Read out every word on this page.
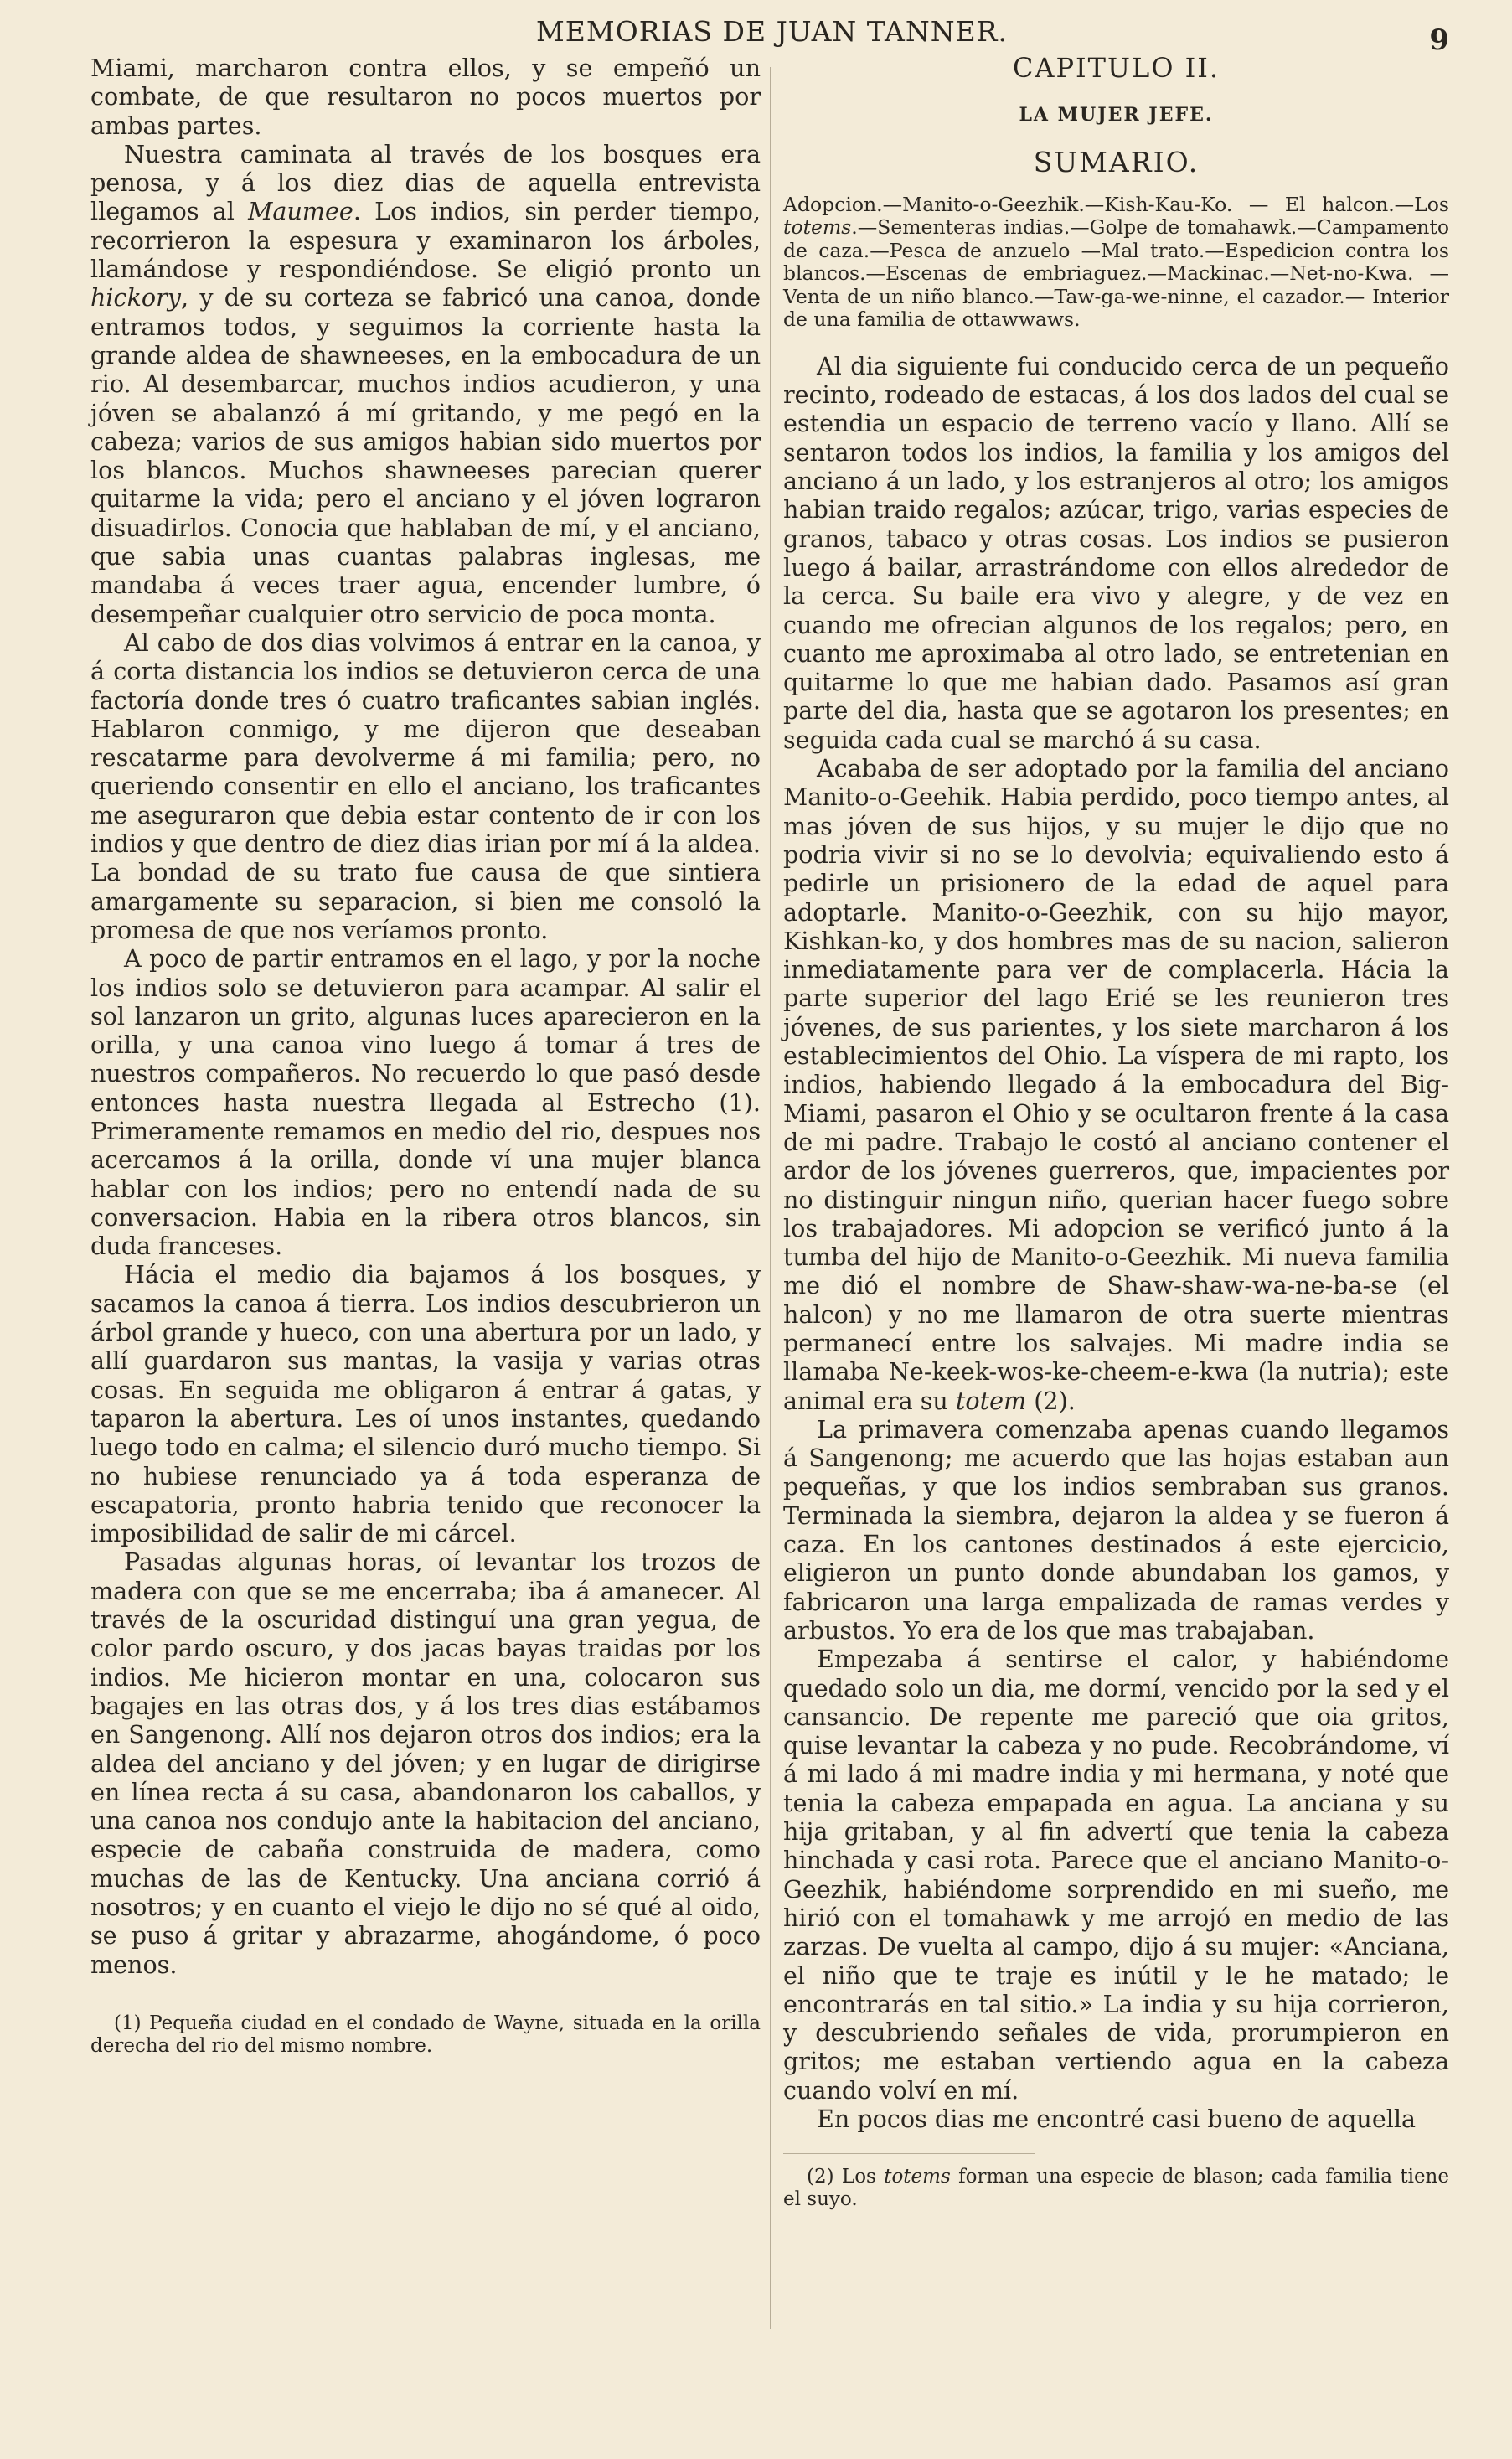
MEMORIAS DE JUAN TANNER.	9

Miami, marcharon contra ellos, y se empeñó un combate, de que resultaron no pocos muertos por ambas partes.

Nuestra caminata al través de los bosques era penosa, y á los diez dias de aquella entrevista llegamos al Maumee. Los indios, sin perder tiempo, recorrieron la espesura y examinaron los árboles, llamándose y respondiéndose. Se eligió pronto un hickory, y de su corteza se fabricó una canoa, donde entramos todos, y seguimos la corriente hasta la grande aldea de shawneeses, en la embocadura de un rio. Al desembarcar, muchos indios acudieron, y una jóven se abalanzó á mí gritando, y me pegó en la cabeza; varios de sus amigos habian sido muertos por los blancos. Muchos shawneeses parecian querer quitarme la vida; pero el anciano y el jóven lograron disuadirlos. Conocia que hablaban de mí, y el anciano, que sabia unas cuantas palabras inglesas, me mandaba á veces traer agua, encender lumbre, ó desempeñar cualquier otro servicio de poca monta.

Al cabo de dos dias volvimos á entrar en la canoa, y á corta distancia los indios se detuvieron cerca de una factoría donde tres ó cuatro traficantes sabian inglés. Hablaron conmigo, y me dijeron que deseaban rescatarme para devolverme á mi familia; pero, no queriendo consentir en ello el anciano, los traficantes me aseguraron que debia estar contento de ir con los indios y que dentro de diez dias irian por mí á la aldea. La bondad de su trato fue causa de que sintiera amargamente su separacion, si bien me consoló la promesa de que nos veríamos pronto.

A poco de partir entramos en el lago, y por la noche los indios solo se detuvieron para acampar. Al salir el sol lanzaron un grito, algunas luces aparecieron en la orilla, y una canoa vino luego á tomar á tres de nuestros compañeros. No recuerdo lo que pasó desde entonces hasta nuestra llegada al Estrecho (1). Primeramente remamos en medio del rio, despues nos acercamos á la orilla, donde ví una mujer blanca hablar con los indios; pero no entendí nada de su conversacion. Habia en la ribera otros blancos, sin duda franceses.

Hácia el medio dia bajamos á los bosques, y sacamos la canoa á tierra. Los indios descubrieron un árbol grande y hueco, con una abertura por un lado, y allí guardaron sus mantas, la vasija y varias otras cosas. En seguida me obligaron á entrar á gatas, y taparon la abertura. Les oí unos instantes, quedando luego todo en calma; el silencio duró mucho tiempo. Si no hubiese renunciado ya á toda esperanza de escapatoria, pronto habria tenido que reconocer la imposibilidad de salir de mi cárcel.

Pasadas algunas horas, oí levantar los trozos de madera con que se me encerraba; iba á amanecer. Al través de la oscuridad distinguí una gran yegua, de color pardo oscuro, y dos jacas bayas traidas por los indios. Me hicieron montar en una, colocaron sus bagajes en las otras dos, y á los tres dias estábamos en Sangenong. Allí nos dejaron otros dos indios; era la aldea del anciano y del jóven; y en lugar de dirigirse en línea recta á su casa, abandonaron los caballos, y una canoa nos condujo ante la habitacion del anciano, especie de cabaña construida de madera, como muchas de las de Kentucky. Una anciana corrió á nosotros; y en cuanto el viejo le dijo no sé qué al oido, se puso á gritar y abrazarme, ahogándome, ó poco menos.

(1) Pequeña ciudad en el condado de Wayne, situada en la orilla derecha del rio del mismo nombre.

CAPITULO II.
LA MUJER JEFE.
SUMARIO.

Adopcion.—Manito-o-Geezhik.—Kish-Kau-Ko. — El halcon.—Los totems.—Sementeras indias.—Golpe de tomahawk.—Campamento de caza.—Pesca de anzuelo —Mal trato.—Espedicion contra los blancos.—Escenas de embriaguez.—Mackinac.—Net-no-Kwa. —Venta de un niño blanco.—Taw-ga-we-ninne, el cazador.— Interior de una familia de ottawwaws.

Al dia siguiente fui conducido cerca de un pequeño recinto, rodeado de estacas, á los dos lados del cual se estendia un espacio de terreno vacío y llano. Allí se sentaron todos los indios, la familia y los amigos del anciano á un lado, y los estranjeros al otro; los amigos habian traido regalos; azúcar, trigo, varias especies de granos, tabaco y otras cosas. Los indios se pusieron luego á bailar, arrastrándome con ellos alrededor de la cerca. Su baile era vivo y alegre, y de vez en cuando me ofrecian algunos de los regalos; pero, en cuanto me aproximaba al otro lado, se entretenian en quitarme lo que me habian dado. Pasamos así gran parte del dia, hasta que se agotaron los presentes; en seguida cada cual se marchó á su casa.

Acababa de ser adoptado por la familia del anciano Manito-o-Geehik. Habia perdido, poco tiempo antes, al mas jóven de sus hijos, y su mujer le dijo que no podria vivir si no se lo devolvia; equivaliendo esto á pedirle un prisionero de la edad de aquel para adoptarle. Manito-o-Geezhik, con su hijo mayor, Kishkan-ko, y dos hombres mas de su nacion, salieron inmediatamente para ver de complacerla. Hácia la parte superior del lago Erié se les reunieron tres jóvenes, de sus parientes, y los siete marcharon á los establecimientos del Ohio. La víspera de mi rapto, los indios, habiendo llegado á la embocadura del Big-Miami, pasaron el Ohio y se ocultaron frente á la casa de mi padre. Trabajo le costó al anciano contener el ardor de los jóvenes guerreros, que, impacientes por no distinguir ningun niño, querian hacer fuego sobre los trabajadores. Mi adopcion se verificó junto á la tumba del hijo de Manito-o-Geezhik. Mi nueva familia me dió el nombre de Shaw-shaw-wa-ne-ba-se (el halcon) y no me llamaron de otra suerte mientras permanecí entre los salvajes. Mi madre india se llamaba Ne-keek-wos-ke-cheem-e-kwa (la nutria); este animal era su totem (2).

La primavera comenzaba apenas cuando llegamos á Sangenong; me acuerdo que las hojas estaban aun pequeñas, y que los indios sembraban sus granos. Terminada la siembra, dejaron la aldea y se fueron á caza. En los cantones destinados á este ejercicio, eligieron un punto donde abundaban los gamos, y fabricaron una larga empalizada de ramas verdes y arbustos. Yo era de los que mas trabajaban.

Empezaba á sentirse el calor, y habiéndome quedado solo un dia, me dormí, vencido por la sed y el cansancio. De repente me pareció que oia gritos, quise levantar la cabeza y no pude. Recobrándome, ví á mi lado á mi madre india y mi hermana, y noté que tenia la cabeza empapada en agua. La anciana y su hija gritaban, y al fin advertí que tenia la cabeza hinchada y casi rota. Parece que el anciano Manito-o-Geezhik, habiéndome sorprendido en mi sueño, me hirió con el tomahawk y me arrojó en medio de las zarzas. De vuelta al campo, dijo á su mujer: «Anciana, el niño que te traje es inútil y le he matado; le encontrarás en tal sitio.» La india y su hija corrieron, y descubriendo señales de vida, prorumpieron en gritos; me estaban vertiendo agua en la cabeza cuando volví en mí.

En pocos dias me encontré casi bueno de aquella

(2) Los totems forman una especie de blason; cada familia tiene el suyo.
